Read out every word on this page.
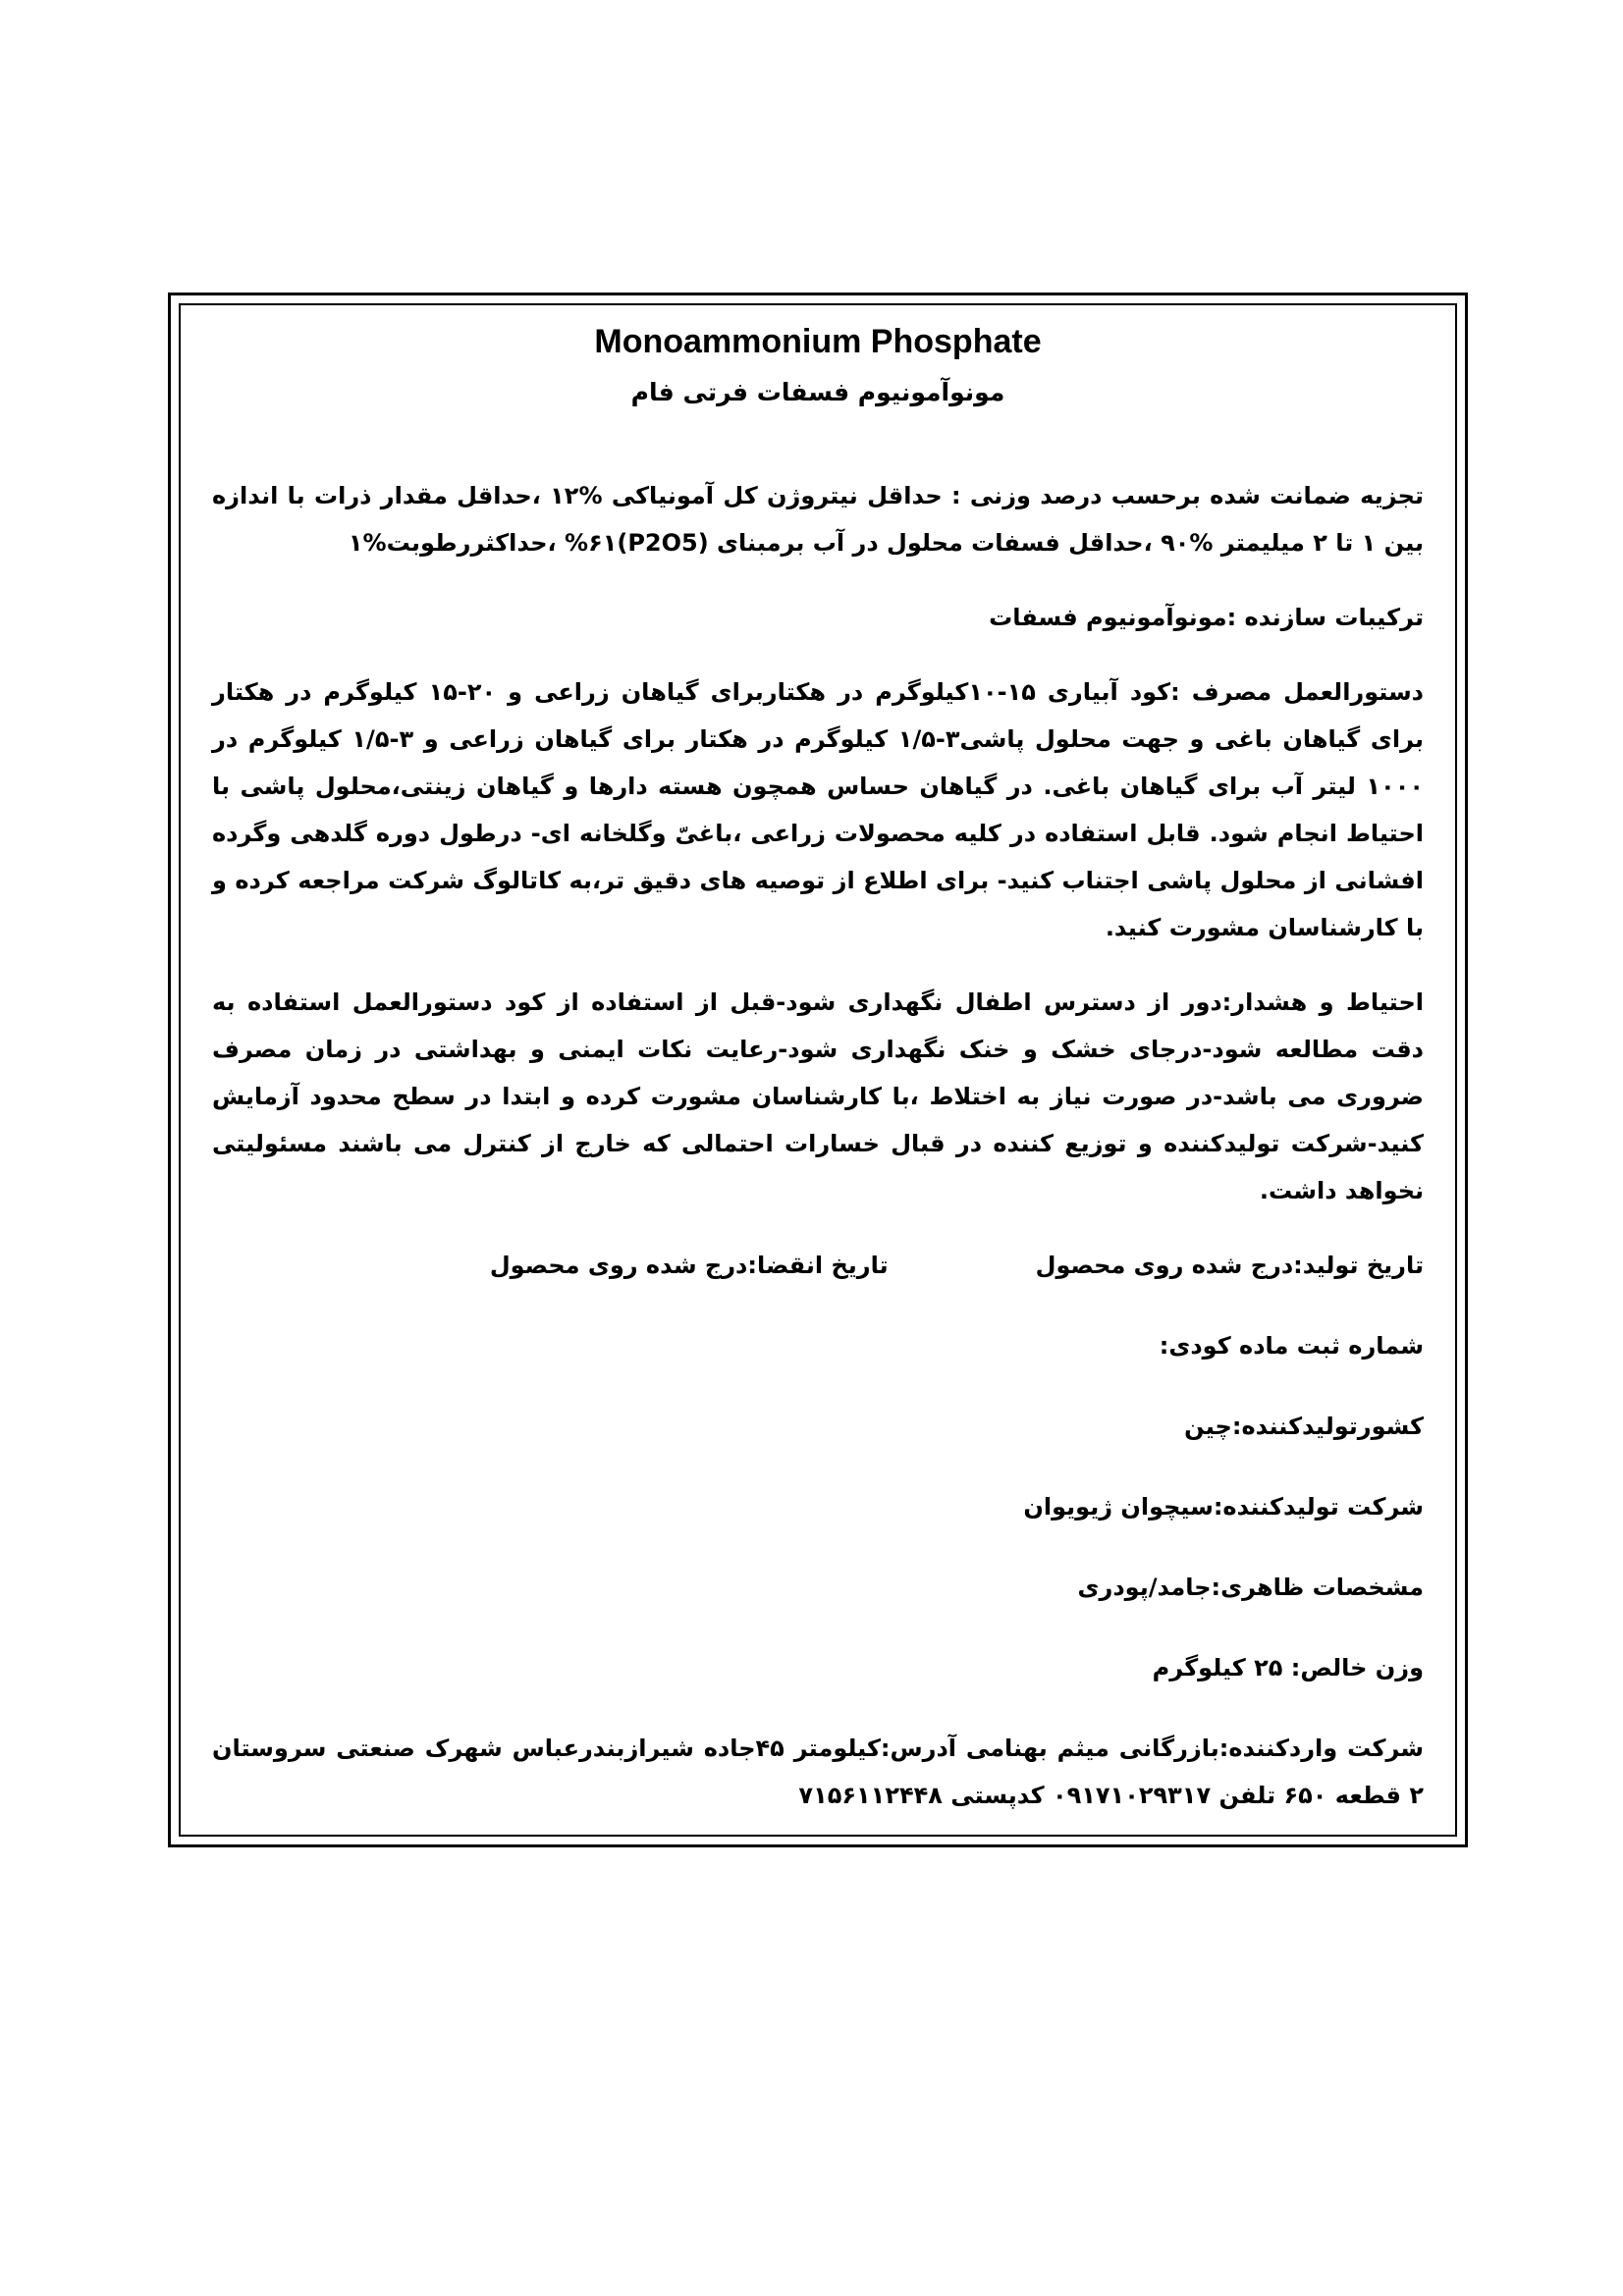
Monoammonium Phosphate
مونوآمونیوم فسفات فرتی فام

تجزیه ضمانت شده برحسب درصد وزنی : حداقل نیتروژن کل آمونیاکی %۱۲ ،حداقل مقدار ذرات با اندازه بین ۱ تا ۲ میلیمتر %۹۰ ،حداقل فسفات محلول در آب برمبنای (P2O5)%۶۱ ،حداکثررطوبت%۱

ترکیبات سازنده :مونوآمونیوم فسفات

دستورالعمل مصرف :کود آبیاری ۱۵-۱۰کیلوگرم در هکتاربرای گیاهان زراعی و ۲۰-۱۵ کیلوگرم در هکتار برای گیاهان باغی و جهت محلول پاشی۳-۱/۵ کیلوگرم در هکتار برای گیاهان زراعی و ۳-۱/۵ کیلوگرم در ۱۰۰۰ لیتر آب برای گیاهان باغی. در گیاهان حساس همچون هسته دارها و گیاهان زینتی،محلول پاشی با احتیاط انجام شود. قابل استفاده در کلیه محصولات زراعی ،باغیّ وگلخانه ای- درطول دوره گلدهی وگرده افشانی از محلول پاشی اجتناب کنید- برای اطلاع از توصیه های دقیق تر،به کاتالوگ شرکت مراجعه کرده و با کارشناسان مشورت کنید.

احتیاط و هشدار:دور از دسترس اطفال نگهداری شود-قبل از استفاده از کود دستورالعمل استفاده به دقت مطالعه شود-درجای خشک و خنک نگهداری شود-رعایت نکات ایمنی و بهداشتی در زمان مصرف ضروری می باشد-در صورت نیاز به اختلاط ،با کارشناسان مشورت کرده و ابتدا در سطح محدود آزمایش کنید-شرکت تولیدکننده و توزیع کننده در قبال خسارات احتمالی که خارج از کنترل می باشند مسئولیتی نخواهد داشت.

تاریخ تولید:درج شده روی محصول
تاریخ انقضا:درج شده روی محصول

شماره ثبت ماده کودی:

کشورتولیدکننده:چین

شرکت تولیدکننده:سیچوان ژیویوان

مشخصات ظاهری:جامد/پودری

وزن خالص: ۲۵ کیلوگرم

شرکت واردکننده:بازرگانی میثم بهنامی آدرس:کیلومتر ۴۵جاده شیرازبندرعباس شهرک صنعتی سروستان ۲ قطعه ۶۵۰ تلفن ۰۹۱۷۱۰۲۹۳۱۷ کدپستی ۷۱۵۶۱۱۲۴۴۸
